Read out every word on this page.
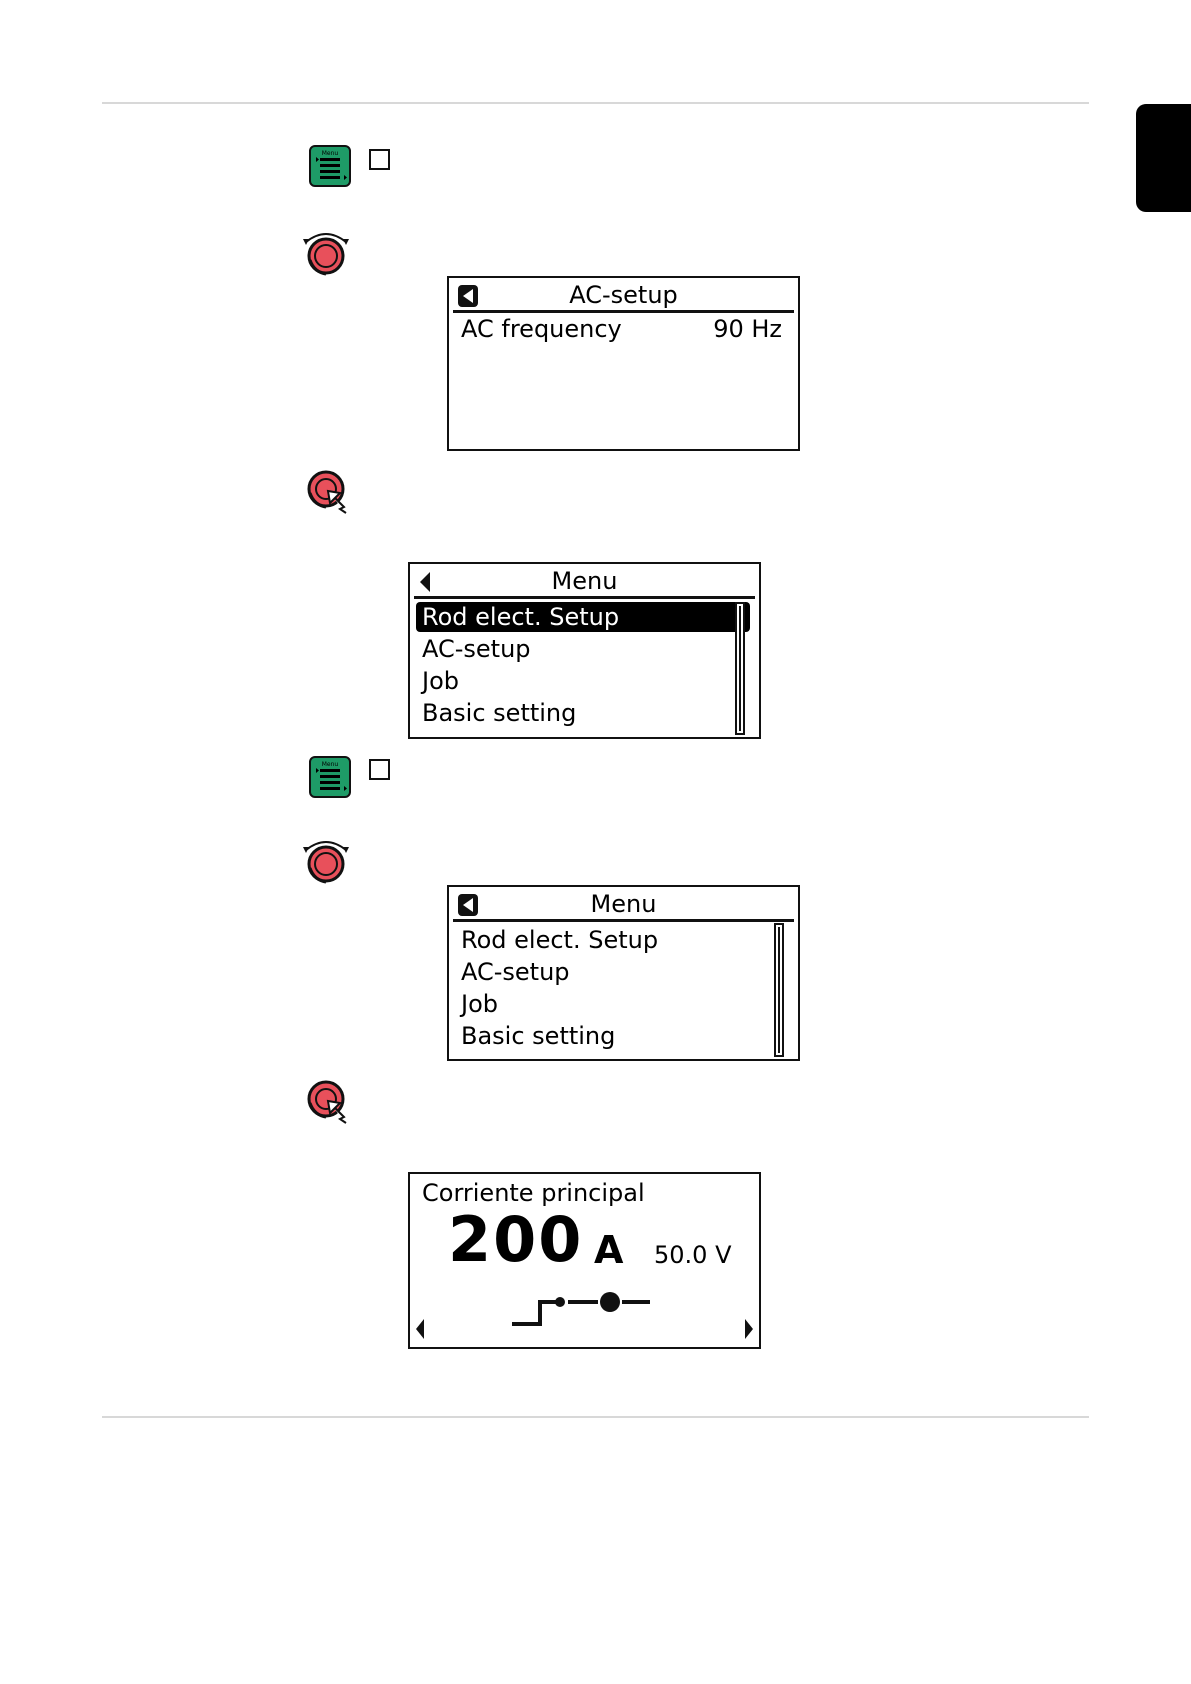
Menu
AC-setup
AC frequency	90 Hz
Menu
Rod elect. Setup
AC-setup
Job
Basic setting
Menu
Menu
Rod elect. Setup
AC-setup
Job
Basic setting
Corriente principal
200 A 50.0 V
